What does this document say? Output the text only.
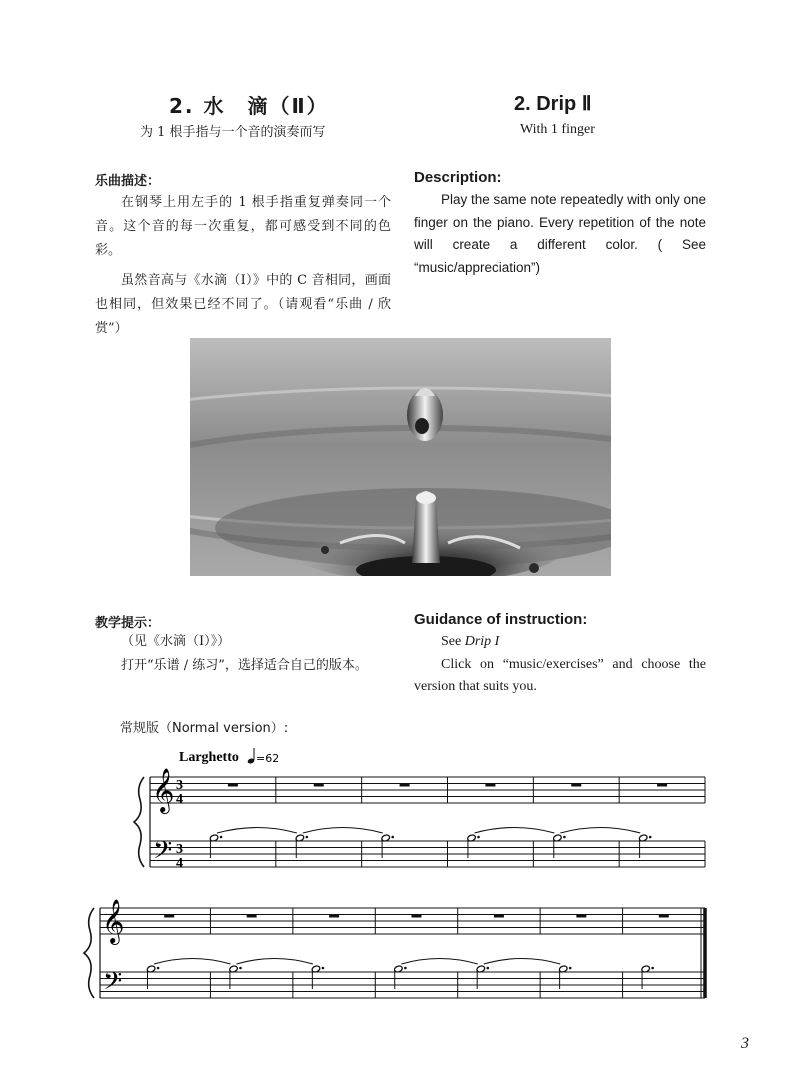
2. 水　滴（Ⅱ）
为 1 根手指与一个音的演奏而写
2. Drip Ⅱ
With 1 finger
乐曲描述：

在钢琴上用左手的 1 根手指重复弹奏同一个音。这个音的每一次重复，都可感受到不同的色彩。

虽然音高与《水滴（I）》中的 C 音相同，画面也相同，但效果已经不同了。（请观看“乐曲 / 欣赏”）

Description:

Play the same note repeatedly with only one finger on the piano. Every repetition of the note will create a different color. ( See “music/appreciation”)

教学提示：

（见《水滴（I）》）

打开“乐谱 / 练习”，选择适合自己的版本。

Guidance of instruction:

See Drip I

Click on “music/exercises” and choose the version that suits you.

常规版（Normal version）:
Larghetto =62
𝄞
𝄢
3
4
3
4
𝄞
𝄢
3
